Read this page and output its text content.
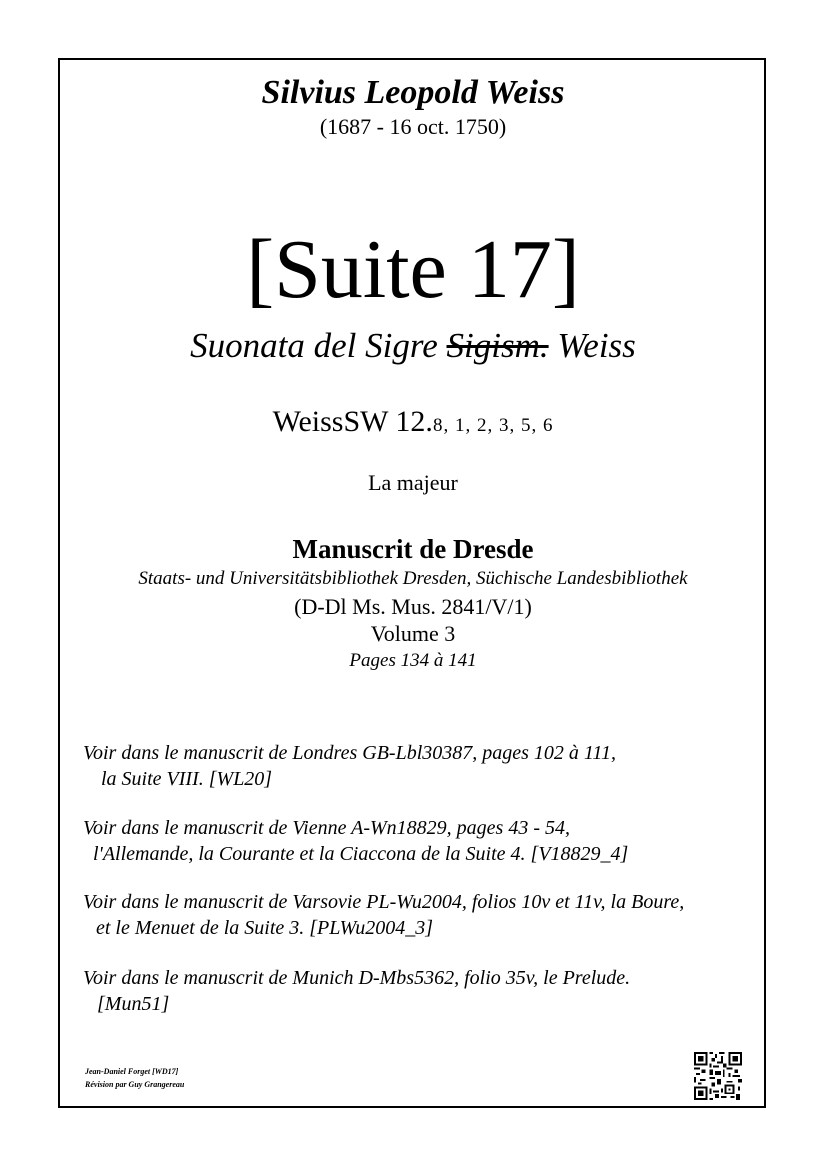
Silvius Leopold Weiss
(1687 - 16 oct. 1750)
[Suite 17]
Suonata del Sigre Sigism. Weiss
WeissSW 12.8, 1, 2, 3, 5, 6
La majeur
Manuscrit de Dresde
Staats- und Universitätsbibliothek Dresden, Süchische Landesbibliothek
(D-Dl Ms. Mus. 2841/V/1)
Volume 3
Pages 134 à 141
Voir dans le manuscrit de Londres GB-Lbl30387, pages 102 à 111,
la Suite VIII. [WL20]
Voir dans le manuscrit de Vienne A-Wn18829, pages 43 - 54,
l'Allemande, la Courante et la Ciaccona de la Suite 4. [V18829_4]
Voir dans le manuscrit de Varsovie PL-Wu2004, folios 10v et 11v, la Boure,
et le Menuet de la Suite 3. [PLWu2004_3]
Voir dans le manuscrit de Munich D-Mbs5362, folio 35v, le Prelude.
[Mun51]
Jean-Daniel Forget [WD17]
Révision par Guy Grangereau
